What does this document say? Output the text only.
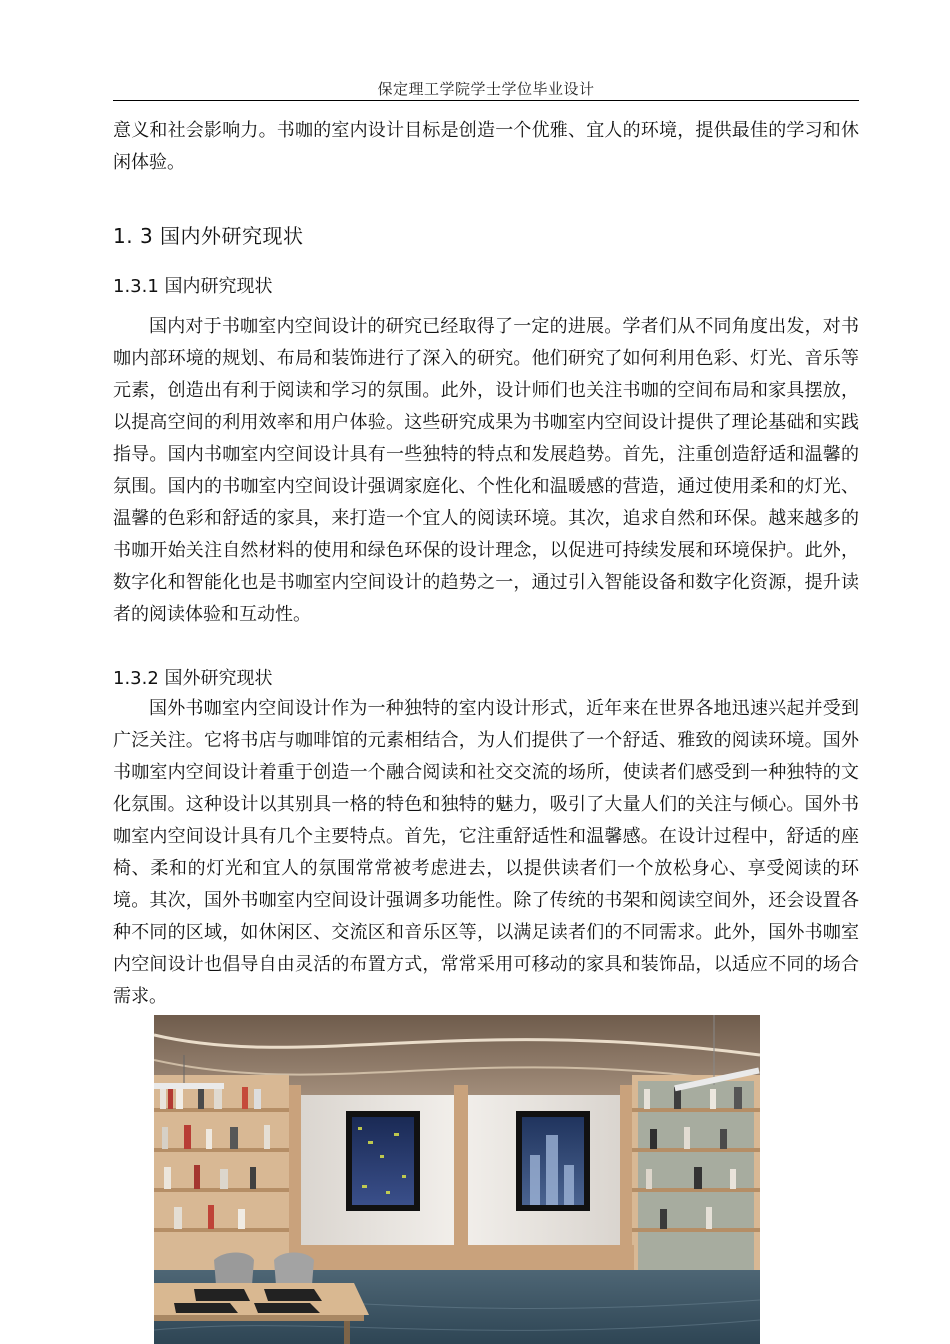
保定理工学院学士学位毕业设计
意义和社会影响力。书咖的室内设计目标是创造一个优雅、宜人的环境，提供最佳的学习和休闲体验。
1. 3 国内外研究现状
1.3.1 国内研究现状
国内对于书咖室内空间设计的研究已经取得了一定的进展。学者们从不同角度出发，对书咖内部环境的规划、布局和装饰进行了深入的研究。他们研究了如何利用色彩、灯光、音乐等元素，创造出有利于阅读和学习的氛围。此外，设计师们也关注书咖的空间布局和家具摆放，以提高空间的利用效率和用户体验。这些研究成果为书咖室内空间设计提供了理论基础和实践指导。国内书咖室内空间设计具有一些独特的特点和发展趋势。首先，注重创造舒适和温馨的氛围。国内的书咖室内空间设计强调家庭化、个性化和温暖感的营造，通过使用柔和的灯光、温馨的色彩和舒适的家具，来打造一个宜人的阅读环境。其次，追求自然和环保。越来越多的书咖开始关注自然材料的使用和绿色环保的设计理念，以促进可持续发展和环境保护。此外，数字化和智能化也是书咖室内空间设计的趋势之一，通过引入智能设备和数字化资源，提升读者的阅读体验和互动性。
1.3.2 国外研究现状
国外书咖室内空间设计作为一种独特的室内设计形式，近年来在世界各地迅速兴起并受到广泛关注。它将书店与咖啡馆的元素相结合，为人们提供了一个舒适、雅致的阅读环境。国外书咖室内空间设计着重于创造一个融合阅读和社交交流的场所，使读者们感受到一种独特的文化氛围。这种设计以其别具一格的特色和独特的魅力，吸引了大量人们的关注与倾心。国外书咖室内空间设计具有几个主要特点。首先，它注重舒适性和温馨感。在设计过程中，舒适的座椅、柔和的灯光和宜人的氛围常常被考虑进去，以提供读者们一个放松身心、享受阅读的环境。其次，国外书咖室内空间设计强调多功能性。除了传统的书架和阅读空间外，还会设置各种不同的区域，如休闲区、交流区和音乐区等，以满足读者们的不同需求。此外，国外书咖室内空间设计也倡导自由灵活的布置方式，常常采用可移动的家具和装饰品，以适应不同的场合需求。
